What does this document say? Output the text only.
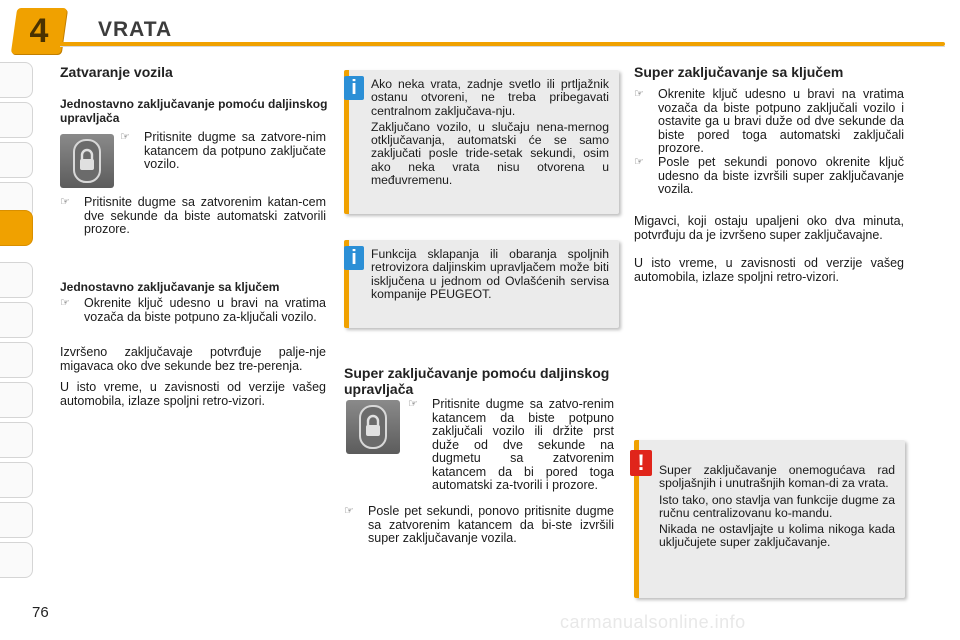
4	VRATA
Zatvaranje vozila
Jednostavno zaključavanje pomoću daljinskog upravljača
☞	Pritisnite dugme sa zatvore-nim katancem da potpuno zaključate vozilo.
☞	Pritisnite dugme sa zatvorenim katan-cem dve sekunde da biste automatski zatvorili prozore.
Jednostavno zaključavanje sa ključem
☞	Okrenite ključ udesno u bravi na vratima vozača da biste potpuno za-ključali vozilo.

Izvršeno zaključavaje potvrđuje palje-nje migavaca oko dve sekunde bez tre-perenja.

U isto vreme, u zavisnosti od verzije vašeg automobila, izlaze spoljni retro-vizori.

Ako neka vrata, zadnje svetlo ili prtljažnik ostanu otvoreni, ne treba pribegavati centralnom zaključava-nju.

Zaključano vozilo, u slučaju nena-mernog otključavanja, automatski će se samo zaključati posle tride-setak sekundi, osim ako neka vrata nisu otvorena u međuvremenu.

i

Funkcija sklapanja ili obaranja spoljnih retrovizora daljinskim upravljačem može biti isključena u jednom od Ovlašćenih servisa kompanije PEUGEOT.

i
Super zaključavanje pomoću daljinskog upravljača
☞	Pritisnite dugme sa zatvo-renim katancem da biste potpuno zaključali vozilo ili držite prst duže od dve sekunde na dugmetu sa zatvorenim katancem da bi pored toga automatski za-tvorili i prozore.
☞	Posle pet sekundi, ponovo pritisnite dugme sa zatvorenim katancem da bi-ste izvršili super zaključavanje vozila.
Super zaključavanje sa ključem
☞	Okrenite ključ udesno u bravi na vratima vozača da biste potpuno zaključali vozilo i ostavite ga u bravi duže od dve sekunde da biste pored toga automatski zaključali prozore.
☞	Posle pet sekundi ponovo okrenite ključ udesno da biste izvršili super zaključavanje vozila.

Migavci, koji ostaju upaljeni oko dva minuta, potvrđuju da je izvršeno super zaključavajne.

U isto vreme, u zavisnosti od verzije vašeg automobila, izlaze spoljni retro-vizori.

Super zaključavanje onemogućava rad spoljašnjih i unutrašnjih koman-di za vrata.

Isto tako, ono stavlja van funkcije dugme za ručnu centralizovanu ko-mandu.

Nikada ne ostavljajte u kolima nikoga kada uključujete super zaključavanje.

!
76	carmanualsonline.info
